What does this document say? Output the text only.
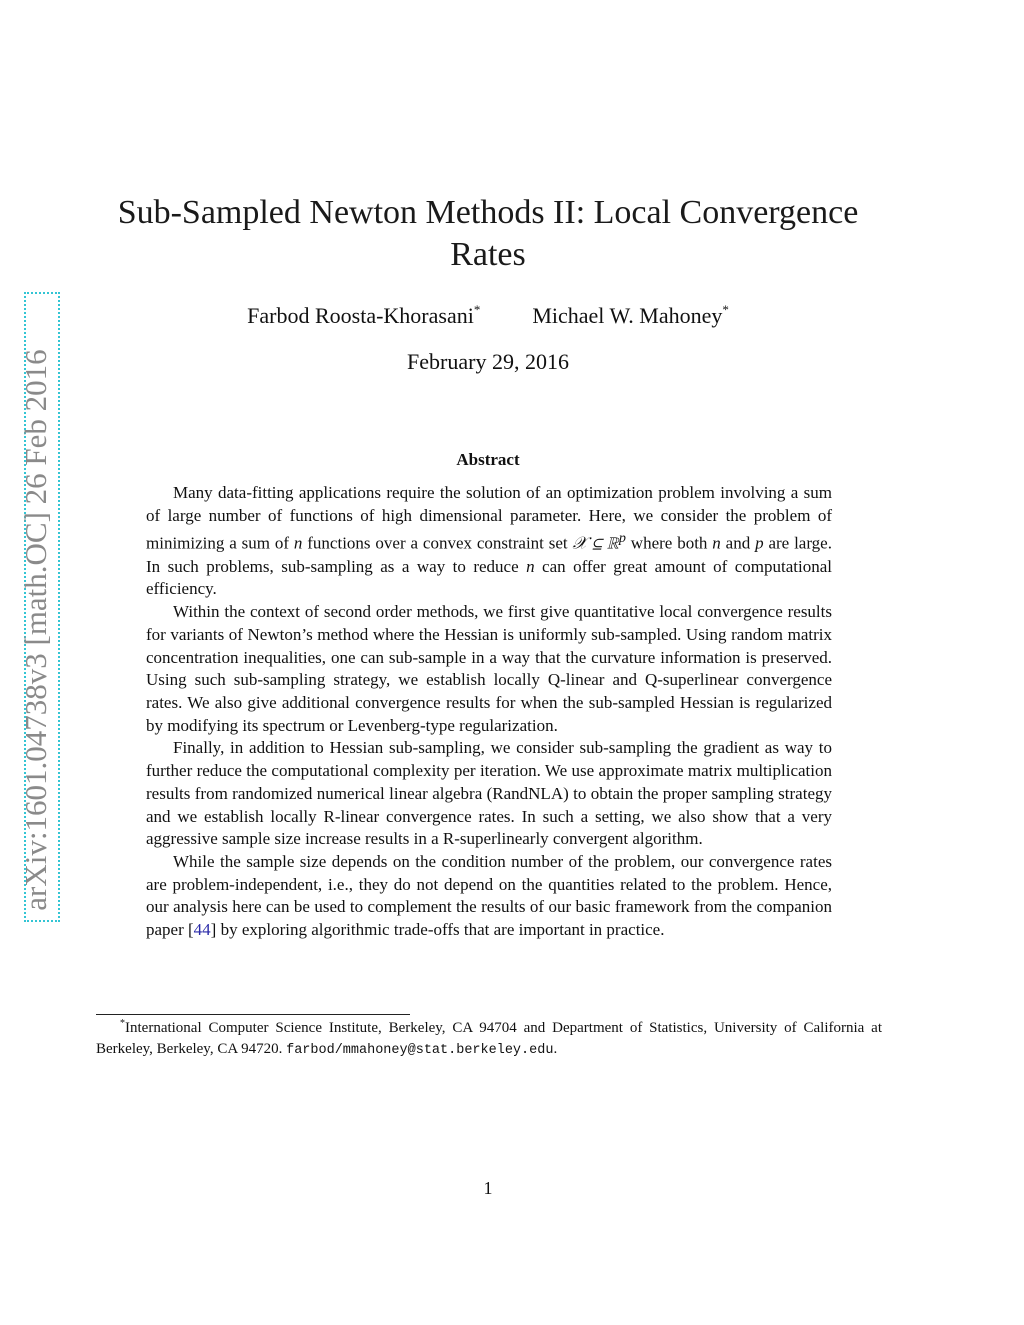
arXiv:1601.04738v3 [math.OC] 26 Feb 2016
Sub-Sampled Newton Methods II: Local Convergence Rates
Farbod Roosta-Khorasani* Michael W. Mahoney*
February 29, 2016
Abstract

Many data-fitting applications require the solution of an optimization problem involving a sum of large number of functions of high dimensional parameter. Here, we consider the problem of minimizing a sum of n functions over a convex constraint set 𝒳 ⊆ ℝ$^p$ where both n and p are large. In such problems, sub-sampling as a way to reduce n can offer great amount of computational efficiency.

Within the context of second order methods, we first give quantitative local convergence results for variants of Newton’s method where the Hessian is uniformly sub-sampled. Using random matrix concentration inequalities, one can sub-sample in a way that the curvature information is preserved. Using such sub-sampling strategy, we establish locally Q-linear and Q-superlinear convergence rates. We also give additional convergence results for when the sub-sampled Hessian is regularized by modifying its spectrum or Levenberg-type regularization.

Finally, in addition to Hessian sub-sampling, we consider sub-sampling the gradient as way to further reduce the computational complexity per iteration. We use approximate matrix multiplication results from randomized numerical linear algebra (RandNLA) to obtain the proper sampling strategy and we establish locally R-linear convergence rates. In such a setting, we also show that a very aggressive sample size increase results in a R-superlinearly convergent algorithm.

While the sample size depends on the condition number of the problem, our convergence rates are problem-independent, i.e., they do not depend on the quantities related to the problem. Hence, our analysis here can be used to complement the results of our basic framework from the companion paper [44] by exploring algorithmic trade-offs that are important in practice.

*International Computer Science Institute, Berkeley, CA 94704 and Department of Statistics, University of California at Berkeley, Berkeley, CA 94720. farbod/mmahoney@stat.berkeley.edu.
1
